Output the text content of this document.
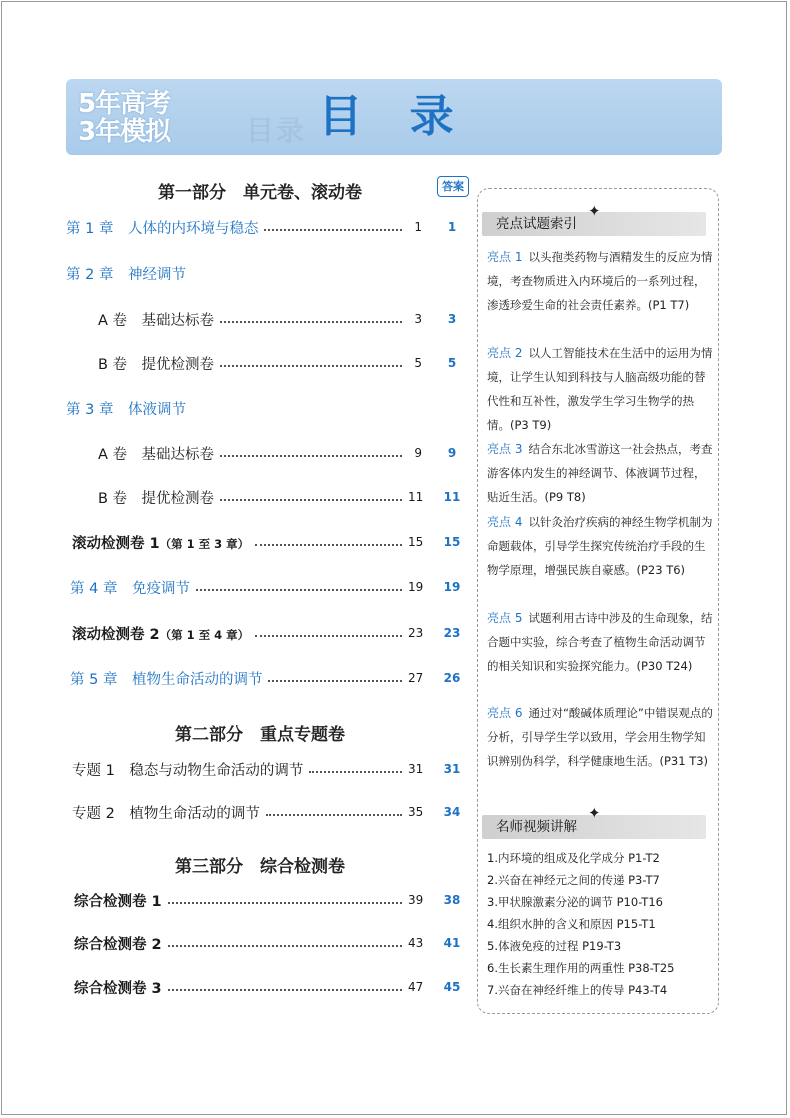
目录
5年高考
3年模拟	目 录
第一部分　单元卷、滚动卷
第二部分　重点专题卷
第三部分　综合检测卷
答案
第 1 章　人体的内环境与稳态	1	1
第 2 章　神经调节
A 卷　基础达标卷	3	3
B 卷　提优检测卷	5	5
第 3 章　体液调节
A 卷　基础达标卷	9	9
B 卷　提优检测卷	11	11
滚动检测卷 1（第 1 至 3 章）	15	15
第 4 章　免疫调节	19	19
滚动检测卷 2（第 1 至 4 章）	23	23
第 5 章　植物生命活动的调节	27	26
专题 1　稳态与动物生命活动的调节	31	31
专题 2　植物生命活动的调节	35	34
综合检测卷 1	39	38
综合检测卷 2	43	41
综合检测卷 3	47	45
亮点试题索引
✦
亮点 1 以头孢类药物与酒精发生的反应为情境，考查物质进入内环境后的一系列过程，渗透珍爱生命的社会责任素养。(P1 T7)
亮点 2 以人工智能技术在生活中的运用为情境，让学生认知到科技与人脑高级功能的替代性和互补性，激发学生学习生物学的热情。(P3 T9)
亮点 3 结合东北冰雪游这一社会热点，考查游客体内发生的神经调节、体液调节过程，贴近生活。(P9 T8)
亮点 4 以针灸治疗疾病的神经生物学机制为命题载体，引导学生探究传统治疗手段的生物学原理，增强民族自豪感。(P23 T6)
亮点 5 试题利用古诗中涉及的生命现象，结合题中实验，综合考查了植物生命活动调节的相关知识和实验探究能力。(P30 T24)
亮点 6 通过对“酸碱体质理论”中错误观点的分析，引导学生学以致用，学会用生物学知识辨别伪科学，科学健康地生活。(P31 T3)
名师视频讲解
✦
1.内环境的组成及化学成分 P1-T2
2.兴奋在神经元之间的传递 P3-T7
3.甲状腺激素分泌的调节 P10-T16
4.组织水肿的含义和原因 P15-T1
5.体液免疫的过程 P19-T3
6.生长素生理作用的两重性 P38-T25
7.兴奋在神经纤维上的传导 P43-T4
